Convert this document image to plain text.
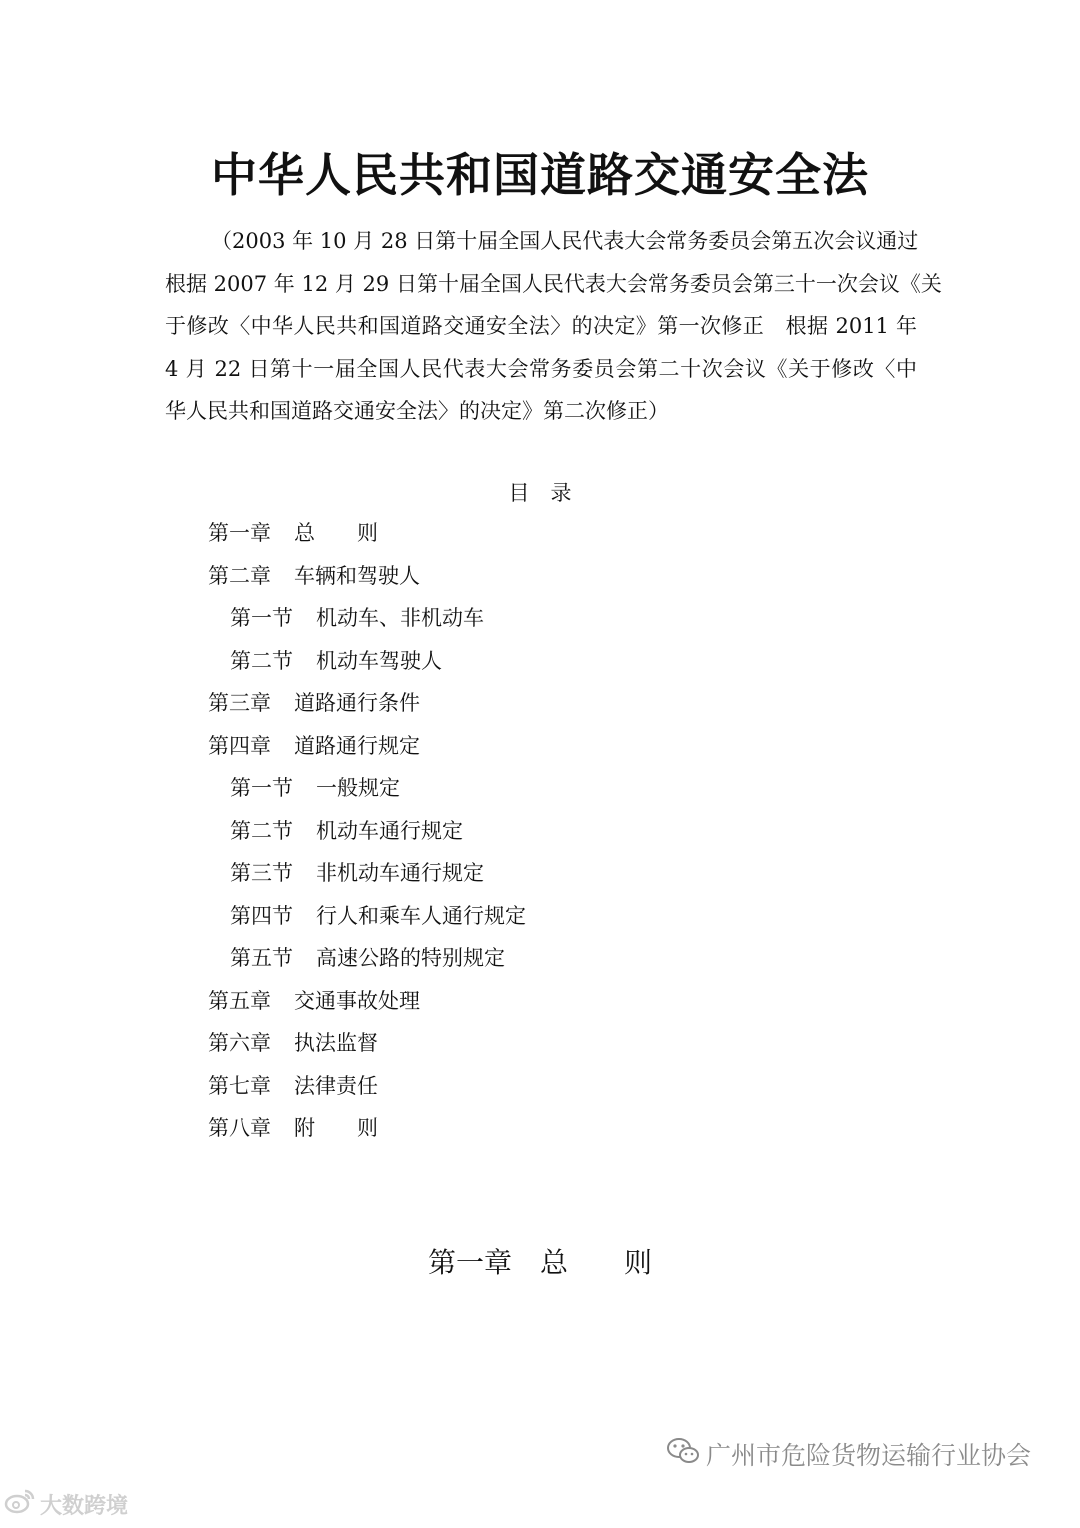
中华人民共和国道路交通安全法

（2003 年 10 月 28 日第十届全国人民代表大会常务委员会第五次会议通过
根据 2007 年 12 月 29 日第十届全国人民代表大会常务委员会第三十一次会议《关
于修改〈中华人民共和国道路交通安全法〉的决定》第一次修正　根据 2011 年
4 月 22 日第十一届全国人民代表大会常务委员会第二十次会议《关于修改〈中
华人民共和国道路交通安全法〉的决定》第二次修正）

目　录
第一章 总　　则
第二章 车辆和驾驶人
第一节 机动车、非机动车
第二节 机动车驾驶人
第三章 道路通行条件
第四章 道路通行规定
第一节 一般规定
第二节 机动车通行规定
第三节 非机动车通行规定
第四节 行人和乘车人通行规定
第五节 高速公路的特别规定
第五章 交通事故处理
第六章 执法监督
第七章 法律责任
第八章 附　　则
第一章　总　　则
大数跨境
广州市危险货物运输行业协会
